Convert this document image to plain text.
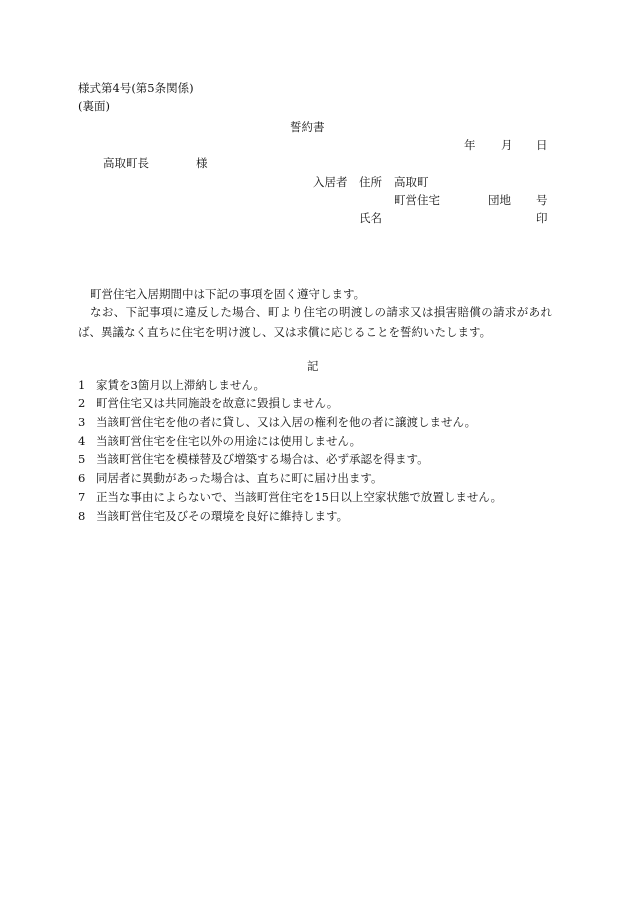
様式第4号(第5条関係)
(裏面)
誓約書
年 月 日
高取町長	様
入居者 住所 高取町
町営住宅	団地 号
氏名	印
町営住宅入居期間中は下記の事項を固く遵守します。
なお、下記事項に違反した場合、町より住宅の明渡しの請求又は損害賠償の請求があれば、異議なく直ちに住宅を明け渡し、又は求償に応じることを誓約いたします。
記
1 家賃を3箇月以上滞納しません。
2 町営住宅又は共同施設を故意に毀損しません。
3 当該町営住宅を他の者に貸し、又は入居の権利を他の者に譲渡しません。
4 当該町営住宅を住宅以外の用途には使用しません。
5 当該町営住宅を模様替及び増築する場合は、必ず承認を得ます。
6 同居者に異動があった場合は、直ちに町に届け出ます。
7 正当な事由によらないで、当該町営住宅を15日以上空家状態で放置しません。
8 当該町営住宅及びその環境を良好に維持します。
